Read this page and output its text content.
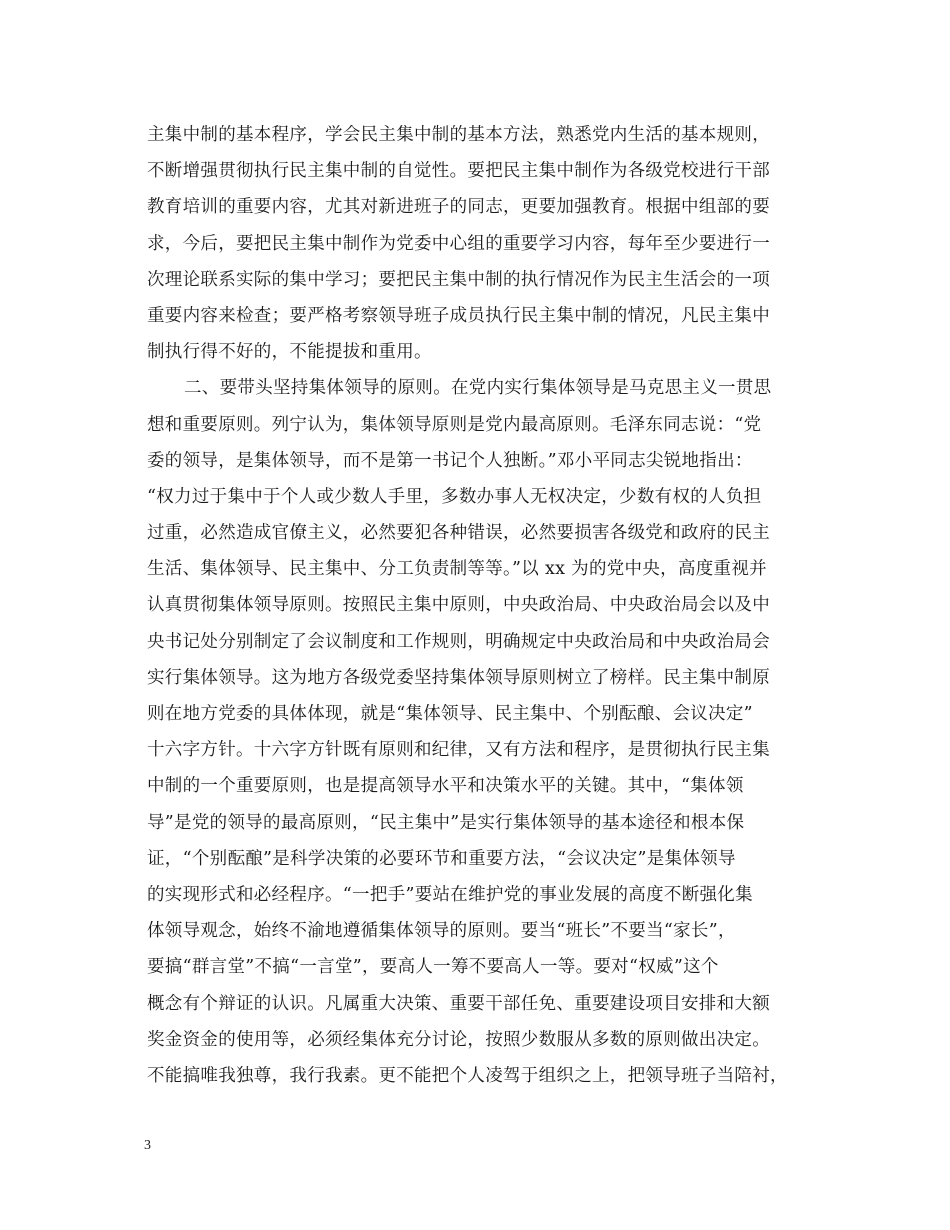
主集中制的基本程序，学会民主集中制的基本方法，熟悉党内生活的基本规则，
不断增强贯彻执行民主集中制的自觉性。要把民主集中制作为各级党校进行干部
教育培训的重要内容，尤其对新进班子的同志，更要加强教育。根据中组部的要
求，今后，要把民主集中制作为党委中心组的重要学习内容，每年至少要进行一
次理论联系实际的集中学习；要把民主集中制的执行情况作为民主生活会的一项
重要内容来检查；要严格考察领导班子成员执行民主集中制的情况，凡民主集中
制执行得不好的，不能提拔和重用。
二、要带头坚持集体领导的原则。在党内实行集体领导是马克思主义一贯思
想和重要原则。列宁认为，集体领导原则是党内最高原则。毛泽东同志说：“党
委的领导，是集体领导，而不是第一书记个人独断。”邓小平同志尖锐地指出：
“权力过于集中于个人或少数人手里，多数办事人无权决定，少数有权的人负担
过重，必然造成官僚主义，必然要犯各种错误，必然要损害各级党和政府的民主
生活、集体领导、民主集中、分工负责制等等。”以 xx 为的党中央，高度重视并
认真贯彻集体领导原则。按照民主集中原则，中央政治局、中央政治局会以及中
央书记处分别制定了会议制度和工作规则，明确规定中央政治局和中央政治局会
实行集体领导。这为地方各级党委坚持集体领导原则树立了榜样。民主集中制原
则在地方党委的具体体现，就是“集体领导、民主集中、个别酝酿、会议决定”
十六字方针。十六字方针既有原则和纪律，又有方法和程序，是贯彻执行民主集
中制的一个重要原则，也是提高领导水平和决策水平的关键。其中，“集体领
导”是党的领导的最高原则，“民主集中”是实行集体领导的基本途径和根本保
证，“个别酝酿”是科学决策的必要环节和重要方法，“会议决定”是集体领导
的实现形式和必经程序。“一把手”要站在维护党的事业发展的高度不断强化集
体领导观念，始终不渝地遵循集体领导的原则。要当“班长”不要当“家长”，
要搞“群言堂”不搞“一言堂”，要高人一筹不要高人一等。要对“权威”这个
概念有个辩证的认识。凡属重大决策、重要干部任免、重要建设项目安排和大额
奖金资金的使用等，必须经集体充分讨论，按照少数服从多数的原则做出决定。
不能搞唯我独尊，我行我素。更不能把个人凌驾于组织之上，把领导班子当陪衬，
3
